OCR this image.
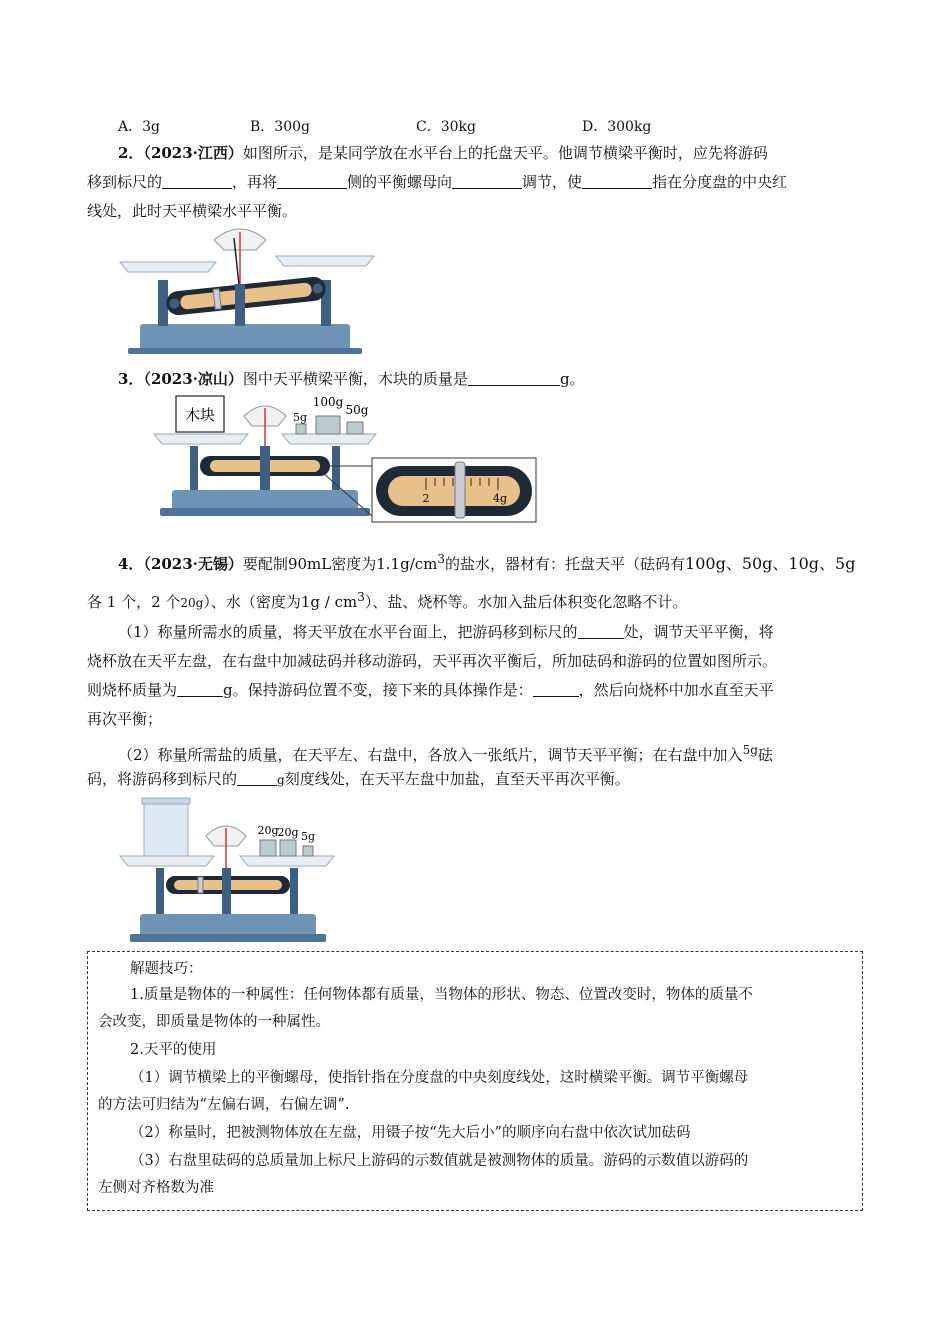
A．3g	B．300g	C．30kg	D．300kg
2．（2023·江西）如图所示，是某同学放在水平台上的托盘天平。他调节横梁平衡时，应先将游码
移到标尺的	，再将	侧的平衡螺母向	调节，使	指在分度盘的中央红
线处，此时天平横梁水平平衡。
3．（2023·凉山）图中天平横梁平衡，木块的质量是	g。
木块	5g
100g
50g
2	4g
4．（2023·无锡）要配制90mL密度为$1.1g/cm^3$的盐水，器材有：托盘天平（砝码有100g、50g、10g、5g
各 1 个，2 个20g）、水（密度为$1g / cm^3$）、盐、烧杯等。水加入盐后体积变化忽略不计。
（1）称量所需水的质量，将天平放在水平台面上，把游码移到标尺的	处，调节天平平衡，将
烧杯放在天平左盘，在右盘中加减砝码并移动游码，天平再次平衡后，所加砝码和游码的位置如图所示。
则烧杯质量为	g。保持游码位置不变，接下来的具体操作是：	，然后向烧杯中加水直至天平
再次平衡；
（2）称量所需盐的质量，在天平左、右盘中，各放入一张纸片，调节天平平衡；在右盘中加入$^{5g}$砝
码，将游码移到标尺的	g刻度线处，在天平左盘中加盐，直至天平再次平衡。
20g
20g 5g
解题技巧：
1.质量是物体的一种属性：任何物体都有质量，当物体的形状、物态、位置改变时，物体的质量不
会改变，即质量是物体的一种属性。
2.天平的使用
（1）调节横梁上的平衡螺母，使指针指在分度盘的中央刻度线处，这时横梁平衡。调节平衡螺母
的方法可归结为“左偏右调，右偏左调”.
（2）称量时，把被测物体放在左盘，用镊子按“先大后小”的顺序向右盘中依次试加砝码
（3）右盘里砝码的总质量加上标尺上游码的示数值就是被测物体的质量。游码的示数值以游码的
左侧对齐格数为准
